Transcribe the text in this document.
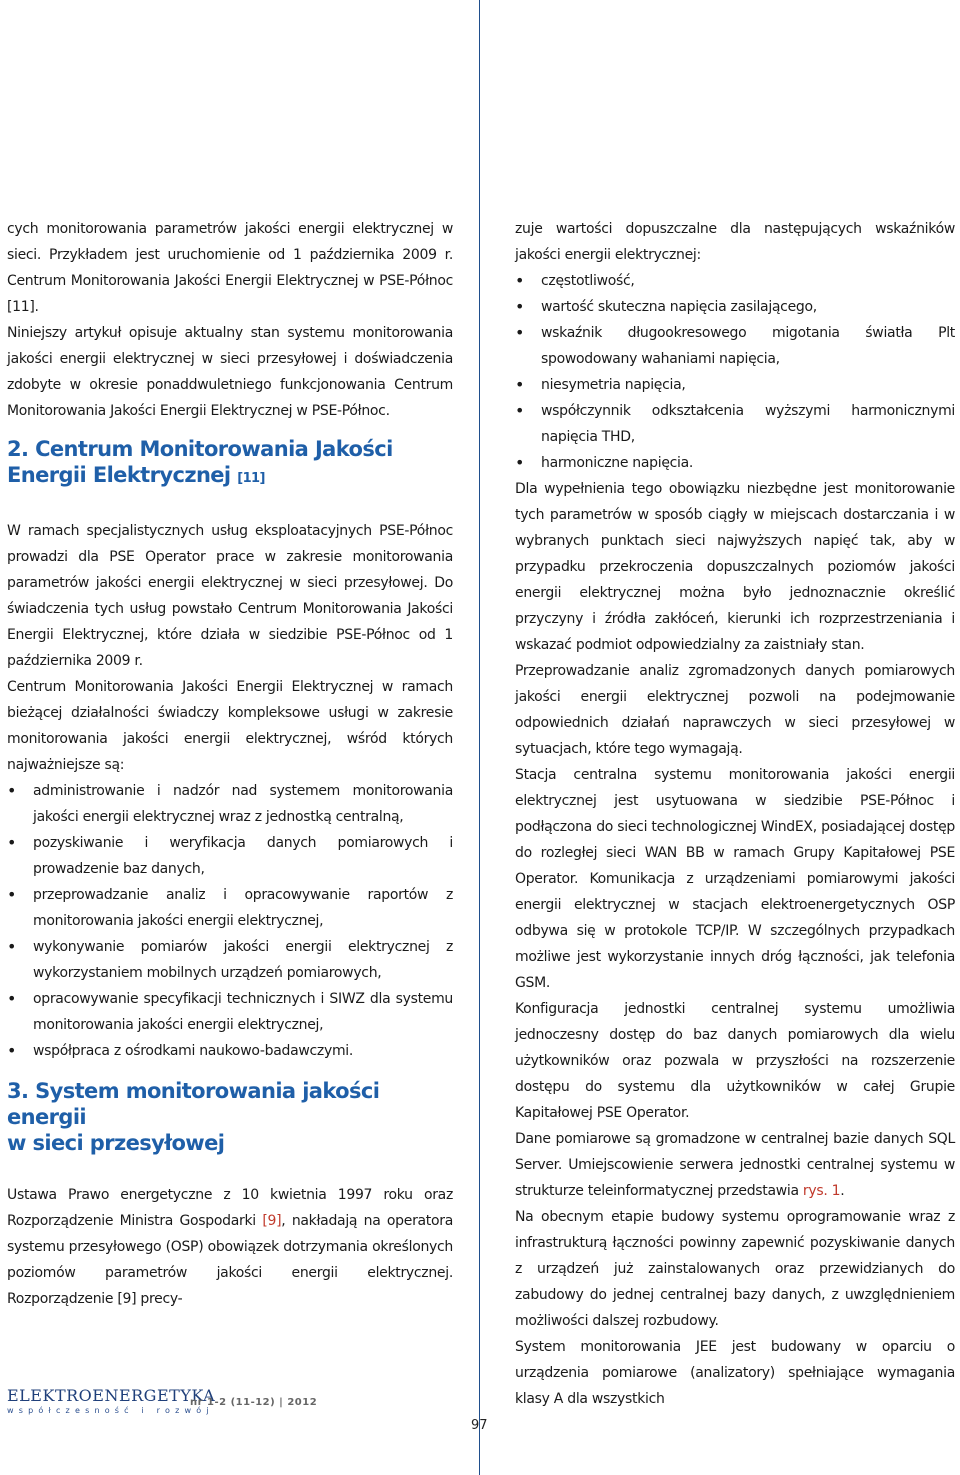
cych monitorowania parametrów jakości energii elektrycznej w sieci. Przykładem jest uruchomienie od 1 października 2009 r. Centrum Monitorowania Jakości Energii Elektrycznej w PSE-Północ [11].

Niniejszy artykuł opisuje aktualny stan systemu monitorowania jakości energii elektrycznej w sieci przesyłowej i doświadczenia zdobyte w okresie ponaddwuletniego funkcjonowania Centrum Monitorowania Jakości Energii Elektrycznej w PSE-Północ.

2. Centrum Monitorowania Jakości Energii Elektrycznej [11]

W ramach specjalistycznych usług eksploatacyjnych PSE-Północ prowadzi dla PSE Operator prace w zakresie monitorowania parametrów jakości energii elektrycznej w sieci przesyłowej. Do świadczenia tych usług powstało Centrum Monitorowania Jakości Energii Elektrycznej, które działa w siedzibie PSE-Północ od 1 października 2009 r.

Centrum Monitorowania Jakości Energii Elektrycznej w ramach bieżącej działalności świadczy kompleksowe usługi w zakresie monitorowania jakości energii elektrycznej, wśród których najważniejsze są:

• administrowanie i nadzór nad systemem monitorowania jakości energii elektrycznej wraz z jednostką centralną,
• pozyskiwanie i weryfikacja danych pomiarowych i prowadzenie baz danych,
• przeprowadzanie analiz i opracowywanie raportów z monitorowania jakości energii elektrycznej,
• wykonywanie pomiarów jakości energii elektrycznej z wykorzystaniem mobilnych urządzeń pomiarowych,
• opracowywanie specyfikacji technicznych i SIWZ dla systemu monitorowania jakości energii elektrycznej,
• współpraca z ośrodkami naukowo-badawczymi.
3. System monitorowania jakości energii
w sieci przesyłowej

Ustawa Prawo energetyczne z 10 kwietnia 1997 roku oraz Rozporządzenie Ministra Gospodarki [9], nakładają na operatora systemu przesyłowego (OSP) obowiązek dotrzymania określonych poziomów parametrów jakości energii elektrycznej. Rozporządzenie [9] precy-

zuje wartości dopuszczalne dla następujących wskaźników jakości energii elektrycznej:

• częstotliwość,
• wartość skuteczna napięcia zasilającego,
• wskaźnik długookresowego migotania światła Plt spowodowany wahaniami napięcia,
• niesymetria napięcia,
• współczynnik odkształcenia wyższymi harmonicznymi napięcia THD,
• harmoniczne napięcia.

Dla wypełnienia tego obowiązku niezbędne jest monitorowanie tych parametrów w sposób ciągły w miejscach dostarczania i w wybranych punktach sieci najwyższych napięć tak, aby w przypadku przekroczenia dopuszczalnych poziomów jakości energii elektrycznej można było jednoznacznie określić przyczyny i źródła zakłóceń, kierunki ich rozprzestrzeniania i wskazać podmiot odpowiedzialny za zaistniały stan.

Przeprowadzanie analiz zgromadzonych danych pomiarowych jakości energii elektrycznej pozwoli na podejmowanie odpowiednich działań naprawczych w sieci przesyłowej w sytuacjach, które tego wymagają.

Stacja centralna systemu monitorowania jakości energii elektrycznej jest usytuowana w siedzibie PSE-Północ i podłączona do sieci technologicznej WindEX, posiadającej dostęp do rozległej sieci WAN BB w ramach Grupy Kapitałowej PSE Operator. Komunikacja z urządzeniami pomiarowymi jakości energii elektrycznej w stacjach elektroenergetycznych OSP odbywa się w protokole TCP/IP. W szczególnych przypadkach możliwe jest wykorzystanie innych dróg łączności, jak telefonia GSM.

Konfiguracja jednostki centralnej systemu umożliwia jednoczesny dostęp do baz danych pomiarowych dla wielu użytkowników oraz pozwala w przyszłości na rozszerzenie dostępu do systemu dla użytkowników w całej Grupie Kapitałowej PSE Operator.

Dane pomiarowe są gromadzone w centralnej bazie danych SQL Server. Umiejscowienie serwera jednostki centralnej systemu w strukturze teleinformatycznej przedstawia rys. 1.

Na obecnym etapie budowy systemu oprogramowanie wraz z infrastrukturą łączności powinny zapewnić pozyskiwanie danych z urządzeń już zainstalowanych oraz przewidzianych do zabudowy do jednej centralnej bazy danych, z uwzględnieniem możliwości dalszej rozbudowy.

System monitorowania JEE jest budowany w oparciu o urządzenia pomiarowe (analizatory) spełniające wymagania klasy A dla wszystkich

ELEKTROENERGETYKA
współczesność i rozwój
nr 1-2 (11-12) | 2012
97
